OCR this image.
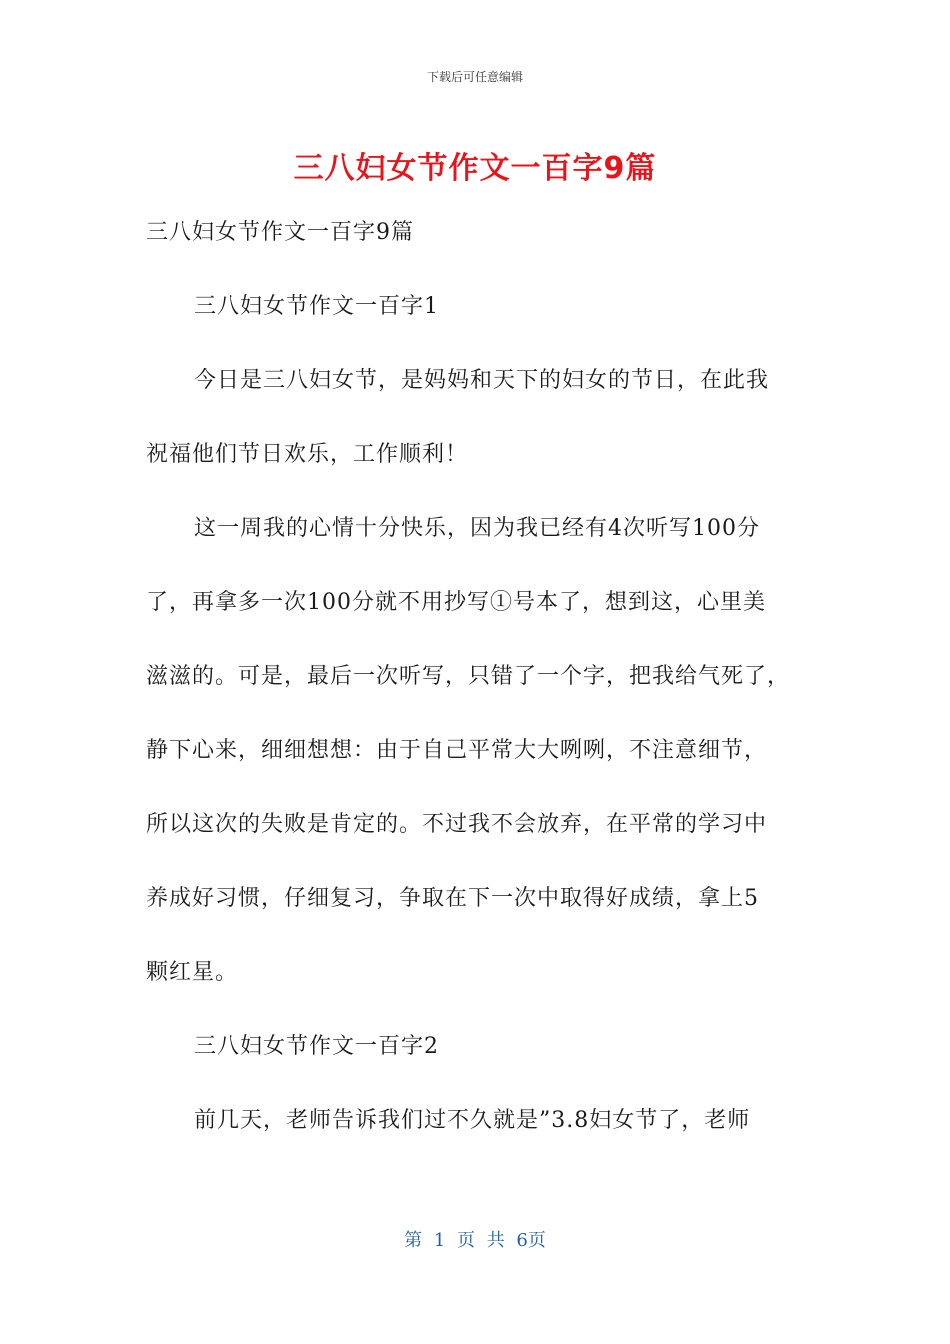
下载后可任意编辑
三八妇女节作文一百字9篇
三八妇女节作文一百字9篇
三八妇女节作文一百字1
今日是三八妇女节，是妈妈和天下的妇女的节日，在此我
祝福他们节日欢乐，工作顺利！
这一周我的心情十分快乐，因为我已经有4次听写100分
了，再拿多一次100分就不用抄写①号本了，想到这，心里美
滋滋的。可是，最后一次听写，只错了一个字，把我给气死了，
静下心来，细细想想：由于自己平常大大咧咧，不注意细节，
所以这次的失败是肯定的。不过我不会放弃，在平常的学习中
养成好习惯，仔细复习，争取在下一次中取得好成绩，拿上5
颗红星。
三八妇女节作文一百字2
前几天，老师告诉我们过不久就是”3.8妇女节了，老师
第 1 页 共 6页
